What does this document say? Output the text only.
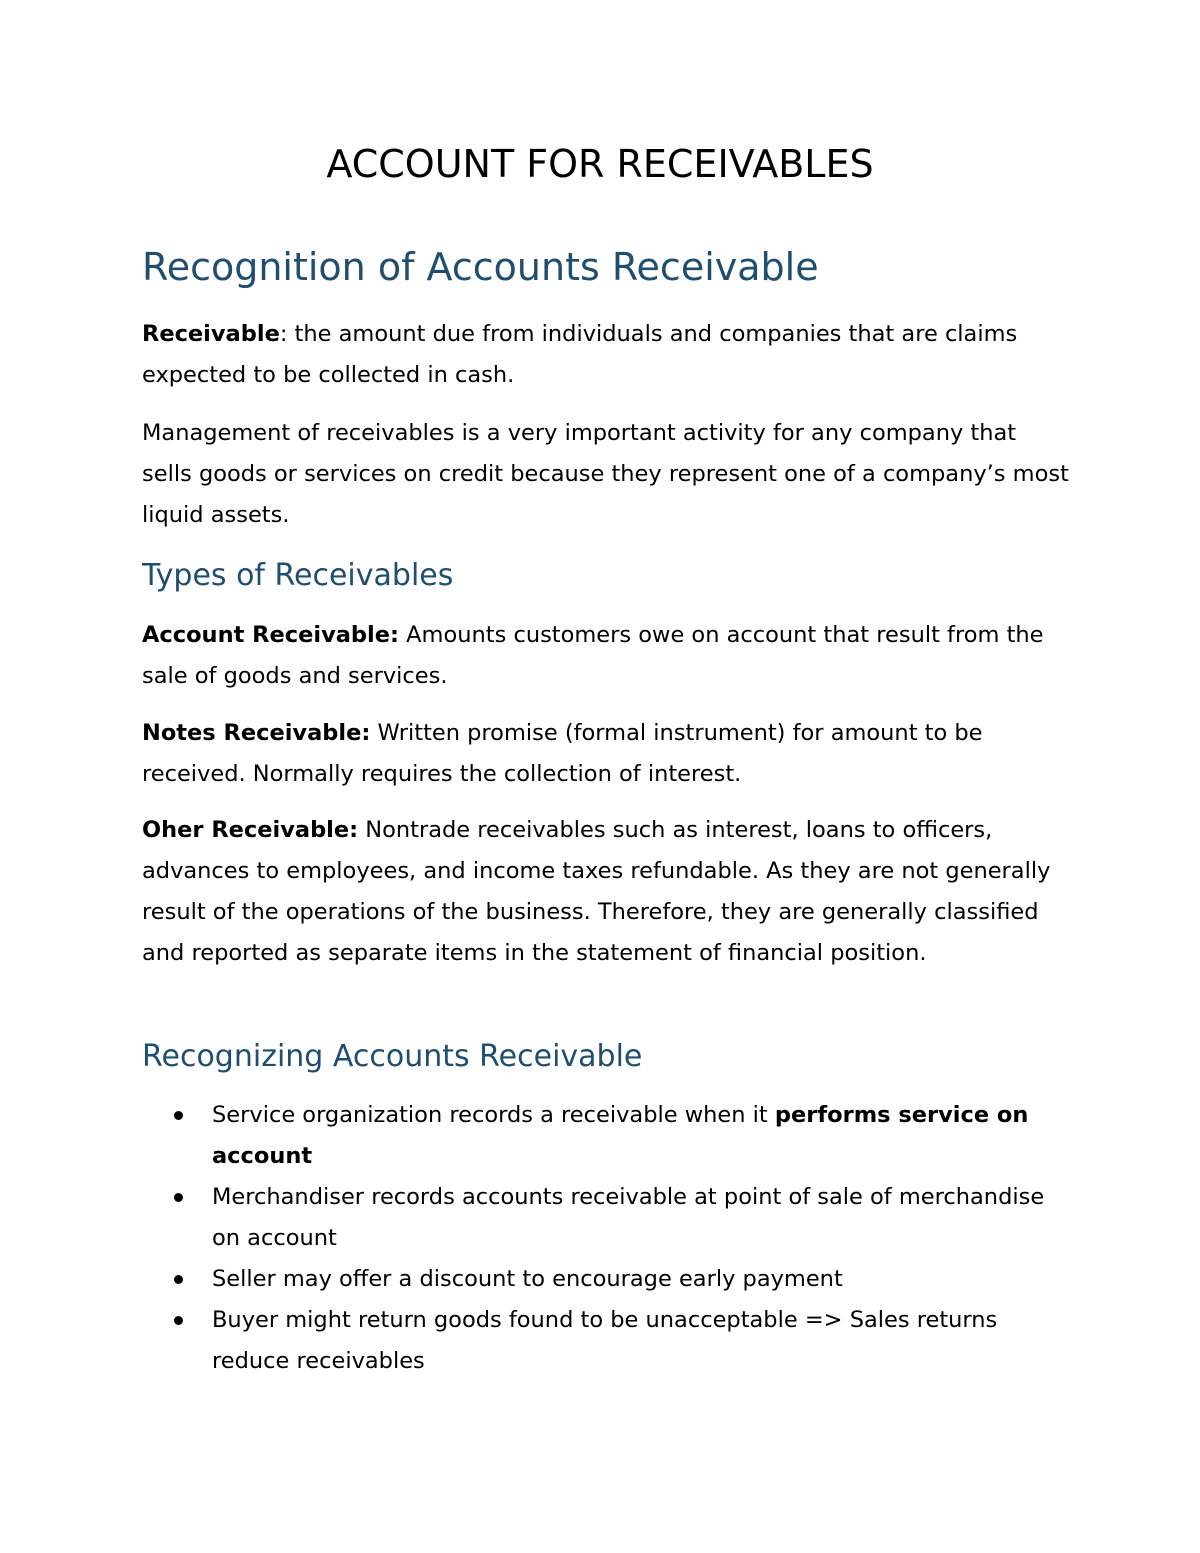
ACCOUNT FOR RECEIVABLES
Recognition of Accounts Receivable

Receivable: the amount due from individuals and companies that are claims expected to be collected in cash.

Management of receivables is a very important activity for any company that sells goods or services on credit because they represent one of a company’s most liquid assets.

Types of Receivables

Account Receivable: Amounts customers owe on account that result from the sale of goods and services.

Notes Receivable: Written promise (formal instrument) for amount to be received. Normally requires the collection of interest.

Oher Receivable: Nontrade receivables such as interest, loans to officers, advances to employees, and income taxes refundable. As they are not generally result of the operations of the business. Therefore, they are generally classified and reported as separate items in the statement of financial position.

Recognizing Accounts Receivable
Service organization records a receivable when it performs service on account
Merchandiser records accounts receivable at point of sale of merchandise on account
Seller may offer a discount to encourage early payment
Buyer might return goods found to be unacceptable => Sales returns reduce receivables
